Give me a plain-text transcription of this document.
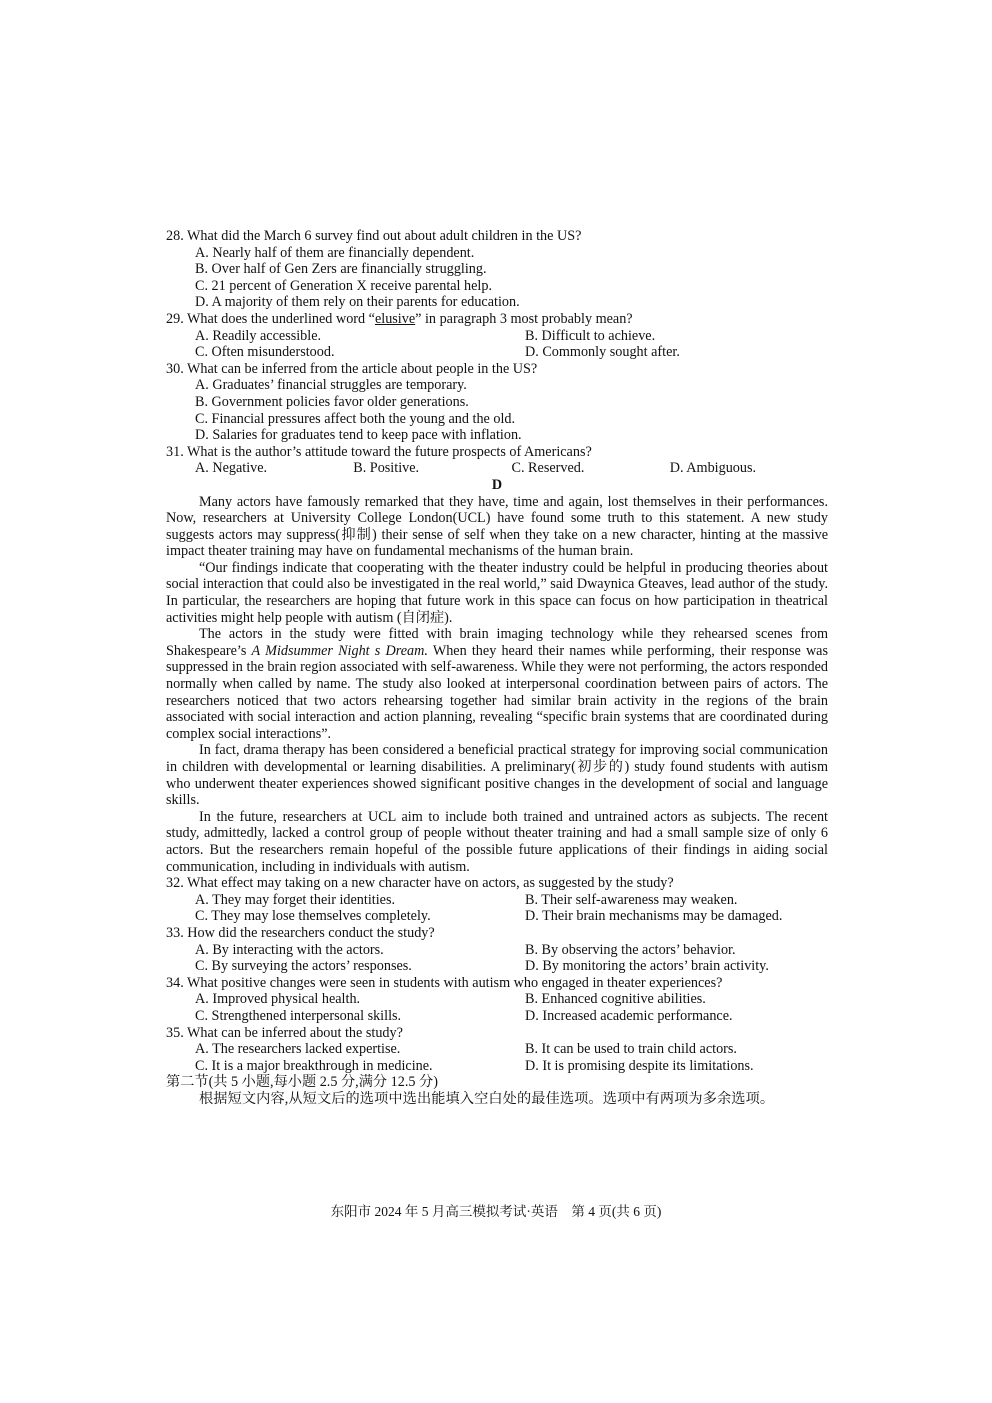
28. What did the March 6 survey find out about adult children in the US?

A. Nearly half of them are financially dependent.
B. Over half of Gen Zers are financially struggling.
C. 21 percent of Generation X receive parental help.
D. A majority of them rely on their parents for education.

29. What does the underlined word “elusive” in paragraph 3 most probably mean?

A. Readily accessible.	B. Difficult to achieve.
C. Often misunderstood.	D. Commonly sought after.

30. What can be inferred from the article about people in the US?

A. Graduates’ financial struggles are temporary.
B. Government policies favor older generations.
C. Financial pressures affect both the young and the old.
D. Salaries for graduates tend to keep pace with inflation.

31. What is the author’s attitude toward the future prospects of Americans?

A. Negative.	B. Positive.	C. Reserved.	D. Ambiguous.

D

Many actors have famously remarked that they have, time and again, lost themselves in their performances. Now, researchers at University College London(UCL) have found some truth to this statement. A new study suggests actors may suppress(抑制) their sense of self when they take on a new character, hinting at the massive impact theater training may have on fundamental mechanisms of the human brain.

“Our findings indicate that cooperating with the theater industry could be helpful in producing theories about social interaction that could also be investigated in the real world,” said Dwaynica Gteaves, lead author of the study. In particular, the researchers are hoping that future work in this space can focus on how participation in theatrical activities might help people with autism (自闭症).

The actors in the study were fitted with brain imaging technology while they rehearsed scenes from Shakespeare’s A Midsummer Night s Dream. When they heard their names while performing, their response was suppressed in the brain region associated with self-awareness. While they were not performing, the actors responded normally when called by name. The study also looked at interpersonal coordination between pairs of actors. The researchers noticed that two actors rehearsing together had similar brain activity in the regions of the brain associated with social interaction and action planning, revealing “specific brain systems that are coordinated during complex social interactions”.

In fact, drama therapy has been considered a beneficial practical strategy for improving social communication in children with developmental or learning disabilities. A preliminary(初步的) study found students with autism who underwent theater experiences showed significant positive changes in the development of social and language skills.

In the future, researchers at UCL aim to include both trained and untrained actors as subjects. The recent study, admittedly, lacked a control group of people without theater training and had a small sample size of only 6 actors. But the researchers remain hopeful of the possible future applications of their findings in aiding social communication, including in individuals with autism.

32. What effect may taking on a new character have on actors, as suggested by the study?

A. They may forget their identities.	B. Their self-awareness may weaken.
C. They may lose themselves completely.	D. Their brain mechanisms may be damaged.

33. How did the researchers conduct the study?

A. By interacting with the actors.	B. By observing the actors’ behavior.
C. By surveying the actors’ responses.	D. By monitoring the actors’ brain activity.

34. What positive changes were seen in students with autism who engaged in theater experiences?

A. Improved physical health.	B. Enhanced cognitive abilities.
C. Strengthened interpersonal skills.	D. Increased academic performance.

35. What can be inferred about the study?

A. The researchers lacked expertise.	B. It can be used to train child actors.
C. It is a major breakthrough in medicine.	D. It is promising despite its limitations.

第二节(共 5 小题,每小题 2.5 分,满分 12.5 分)

根据短文内容,从短文后的选项中选出能填入空白处的最佳选项。选项中有两项为多余选项。

东阳市 2024 年 5 月高三模拟考试·英语　第 4 页(共 6 页)
